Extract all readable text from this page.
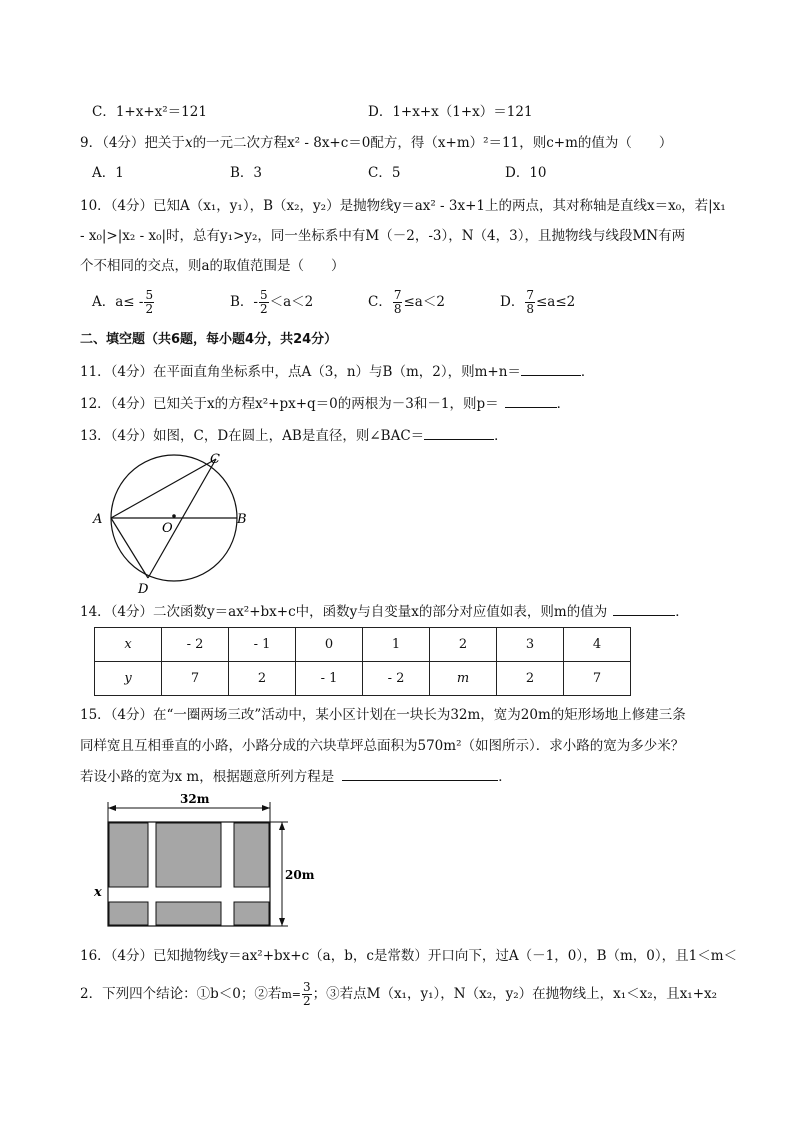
C．1+x+x²＝121	D．1+x+x（1+x）＝121
9．（4分）把关于x的一元二次方程x² - 8x+c＝0配方，得（x+m）²＝11，则c+m的值为（　　）
A．1	B．3	C．5	D．10
10．（4分）已知A（x₁，y₁），B（x₂，y₂）是抛物线y＝ax² - 3x+1上的两点，其对称轴是直线x＝x₀，若|x₁
- x₀|>|x₂ - x₀|时，总有y₁>y₂，同一坐标系中有M（－2，-3），N（4，3），且抛物线与线段MN有两
个不相同的交点，则a的取值范围是（　　）
A．$a\le - \frac{5}{2}$	B．- $\frac{5}{2} <a<2$	C． $\frac{7}{8} \le a<2$	D． $\frac{7}{8} \le a\le 2$
二、填空题（共6题，每小题4分，共24分）
11．（4分）在平面直角坐标系中，点A（3，n）与B（m，2），则m+n＝	．
12．（4分）已知关于x的方程x²+px+q＝0的两根为－3和－1，则p＝	．
13．（4分）如图，C，D在圆上，AB是直径，则∠BAC＝	．
A	B
C
D
O
14．（4分）二次函数y＝ax²+bx+c中，函数y与自变量x的部分对应值如表，则m的值为	．
x	- 2	- 1	0	1	2	3	4
y	7	2	- 1	- 2	m	2	7
15．（4分）在“一圈两场三改”活动中，某小区计划在一块长为32m，宽为20m的矩形场地上修建三条
同样宽且互相垂直的小路，小路分成的六块草坪总面积为570m²（如图所示）．求小路的宽为多少米？
若设小路的宽为x m，根据题意所列方程是	．
32m
20m
x
16．（4分）已知抛物线y＝ax²+bx+c（a，b，c是常数）开口向下，过A（－1，0），B（m，0），且1＜m＜
2．下列四个结论：①b＜0；②若$m= \frac{3}{2}$ ；③若点M（x₁，y₁），N（x₂，y₂）在抛物线上，x₁＜x₂，且x₁+x₂
